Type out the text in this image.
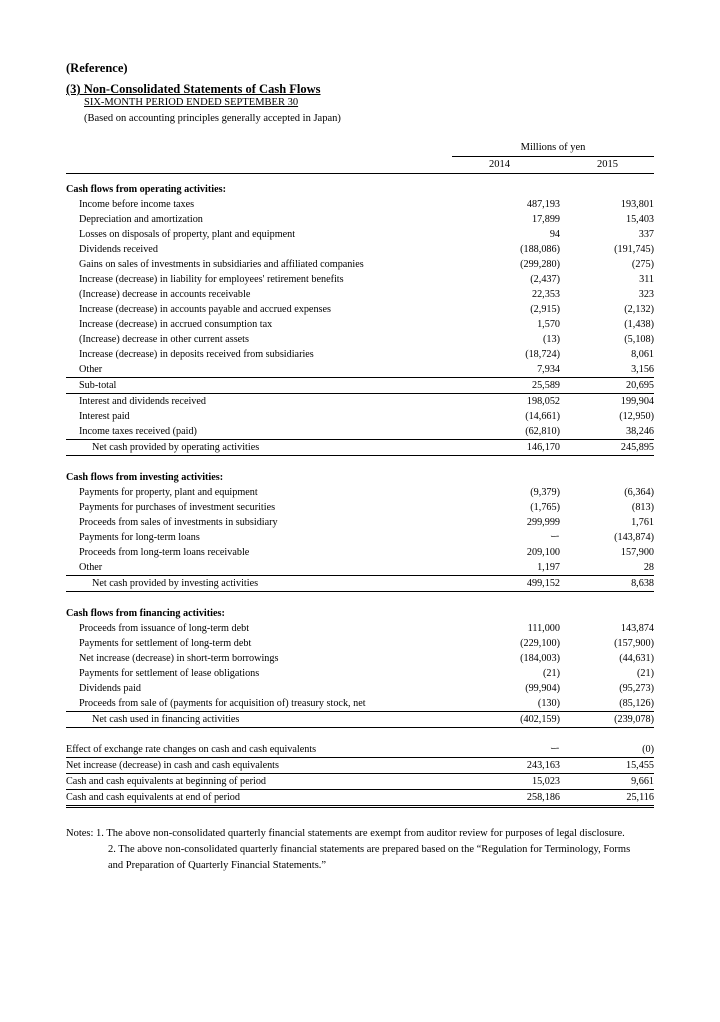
(Reference)
(3) Non-Consolidated Statements of Cash Flows
SIX-MONTH PERIOD ENDED SEPTEMBER 30
(Based on accounting principles generally accepted in Japan)
Millions of yen
2014	2015
Cash flows from operating activities:		
Income before income taxes	487,193	193,801
Depreciation and amortization	17,899	15,403
Losses on disposals of property, plant and equipment	94	337
Dividends received	(188,086)	(191,745)
Gains on sales of investments in subsidiaries and affiliated companies	(299,280)	(275)
Increase (decrease) in liability for employees' retirement benefits	(2,437)	311
(Increase) decrease in accounts receivable	22,353	323
Increase (decrease) in accounts payable and accrued expenses	(2,915)	(2,132)
Increase (decrease) in accrued consumption tax	1,570	(1,438)
(Increase) decrease in other current assets	(13)	(5,108)
Increase (decrease) in deposits received from subsidiaries	(18,724)	8,061
Other	7,934	3,156
Sub-total	25,589	20,695
Interest and dividends received	198,052	199,904
Interest paid	(14,661)	(12,950)
Income taxes received (paid)	(62,810)	38,246
Net cash provided by operating activities	146,170	245,895

Cash flows from investing activities:		
Payments for property, plant and equipment	(9,379)	(6,364)
Payments for purchases of investment securities	(1,765)	(813)
Proceeds from sales of investments in subsidiary	299,999	1,761
Payments for long-term loans	ー	(143,874)
Proceeds from long-term loans receivable	209,100	157,900
Other	1,197	28
Net cash provided by investing activities	499,152	8,638

Cash flows from financing activities:		
Proceeds from issuance of long-term debt	111,000	143,874
Payments for settlement of long-term debt	(229,100)	(157,900)
Net increase (decrease) in short-term borrowings	(184,003)	(44,631)
Payments for settlement of lease obligations	(21)	(21)
Dividends paid	(99,904)	(95,273)
Proceeds from sale of (payments for acquisition of) treasury stock, net	(130)	(85,126)
Net cash used in financing activities	(402,159)	(239,078)

Effect of exchange rate changes on cash and cash equivalents	ー	(0)
Net increase (decrease) in cash and cash equivalents	243,163	15,455
Cash and cash equivalents at beginning of period	15,023	9,661
Cash and cash equivalents at end of period	258,186	25,116
Notes: 1. The above non-consolidated quarterly financial statements are exempt from auditor review for purposes of legal disclosure.
2. The above non-consolidated quarterly financial statements are prepared based on the “Regulation for Terminology, Forms
and Preparation of Quarterly Financial Statements.”
